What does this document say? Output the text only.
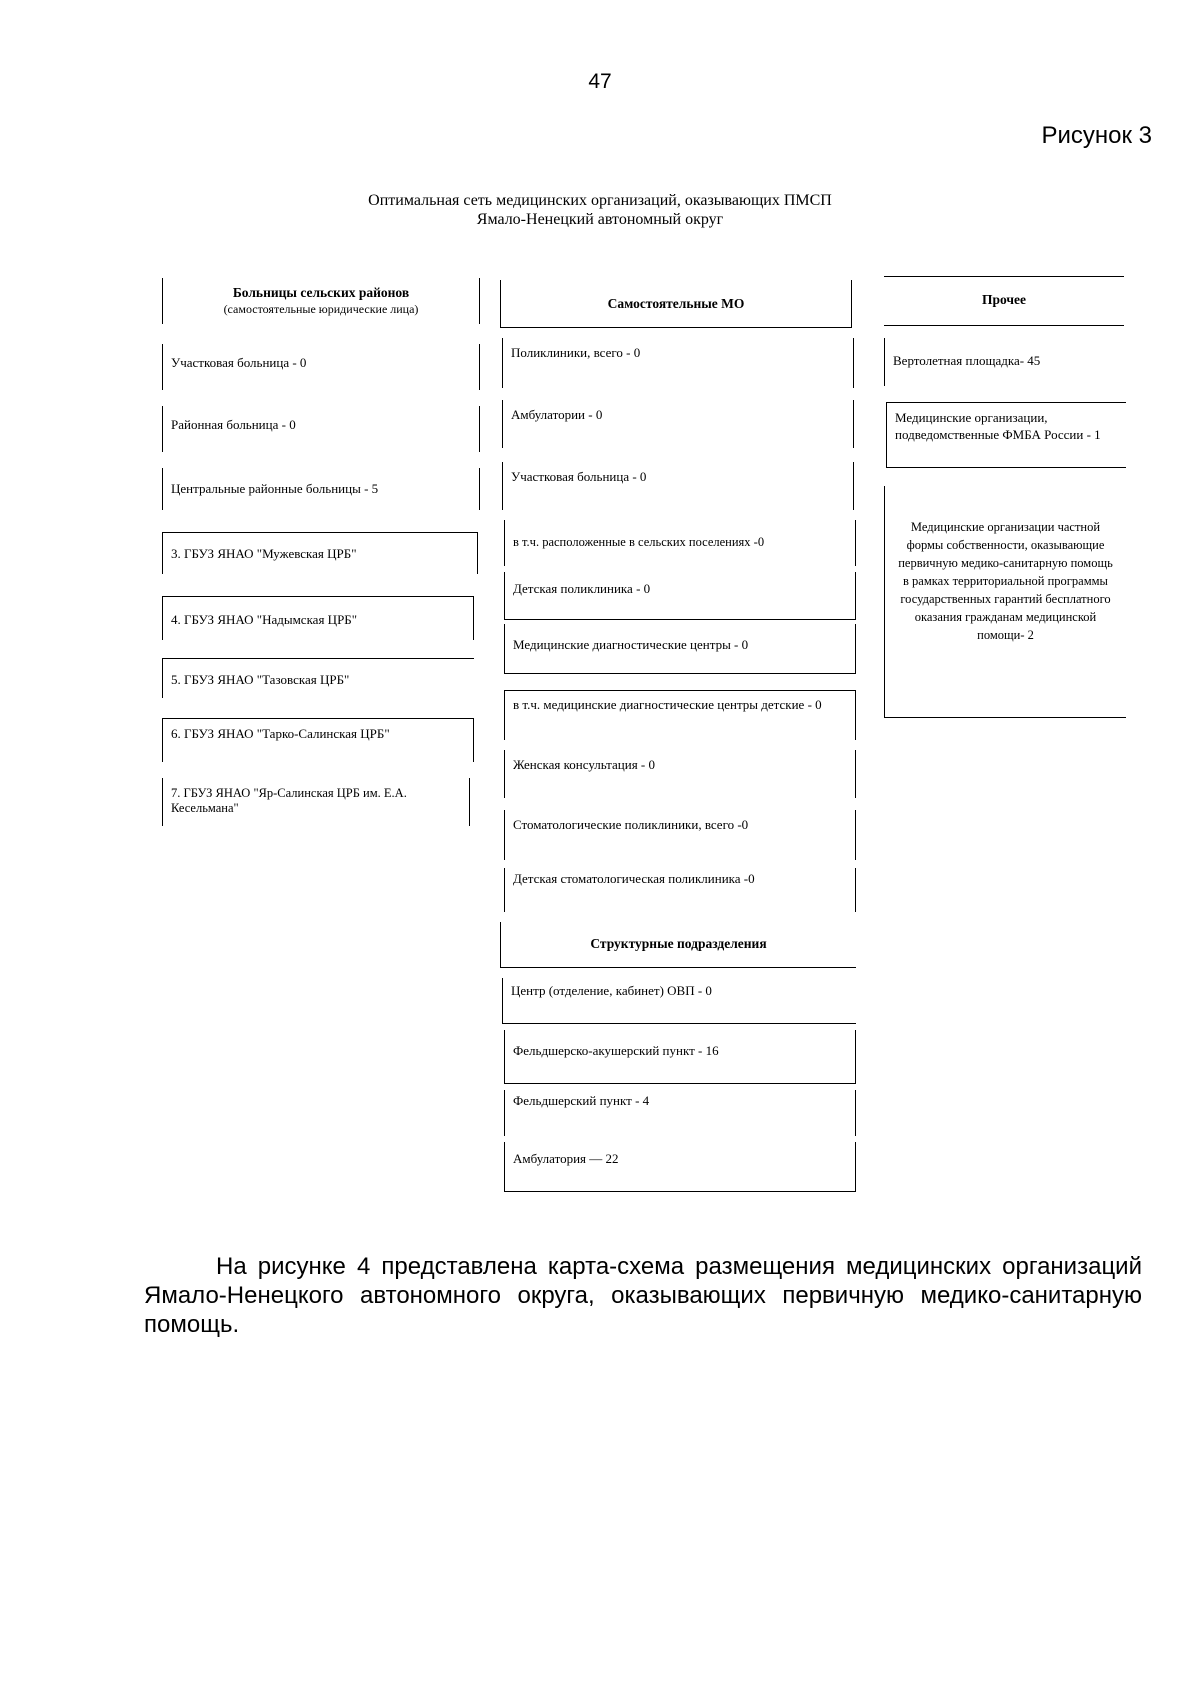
47
Рисунок 3
Оптимальная сеть медицинских организаций, оказывающих ПМСП
Ямало-Ненецкий автономный округ
Больницы сельских районов
(самостоятельные юридические лица)
Участковая больница - 0
Районная больница - 0
Центральные районные больницы - 5
3. ГБУЗ ЯНАО "Мужевская ЦРБ"
4. ГБУЗ ЯНАО "Надымская ЦРБ"
5. ГБУЗ ЯНАО "Тазовская ЦРБ"
6. ГБУЗ ЯНАО "Тарко-Салинская ЦРБ"
7. ГБУЗ ЯНАО "Яр-Салинская ЦРБ им. Е.А. Кесельмана"
Самостоятельные МО
Поликлиники, всего - 0
Амбулатории - 0
Участковая больница - 0
в т.ч. расположенные в сельских поселениях -0
Детская поликлиника - 0
Медицинские диагностические центры - 0
в т.ч. медицинские диагностические центры детские - 0
Женская консультация - 0
Стоматологические поликлиники, всего -0
Детская стоматологическая поликлиника -0
Структурные подразделения
Центр (отделение, кабинет) ОВП - 0
Фельдшерско-акушерский пункт - 16
Фельдшерский пункт - 4
Амбулатория — 22
Прочее
Вертолетная площадка- 45
Медицинские организации, подведомственные ФМБА России - 1
Медицинские организации частной формы собственности, оказывающие первичную медико-санитарную помощь в рамках территориальной программы государственных гарантий бесплатного оказания гражданам медицинской помощи- 2
На рисунке 4 представлена карта-схема размещения медицинских организаций Ямало-Ненецкого автономного округа, оказывающих первичную медико-санитарную помощь.
